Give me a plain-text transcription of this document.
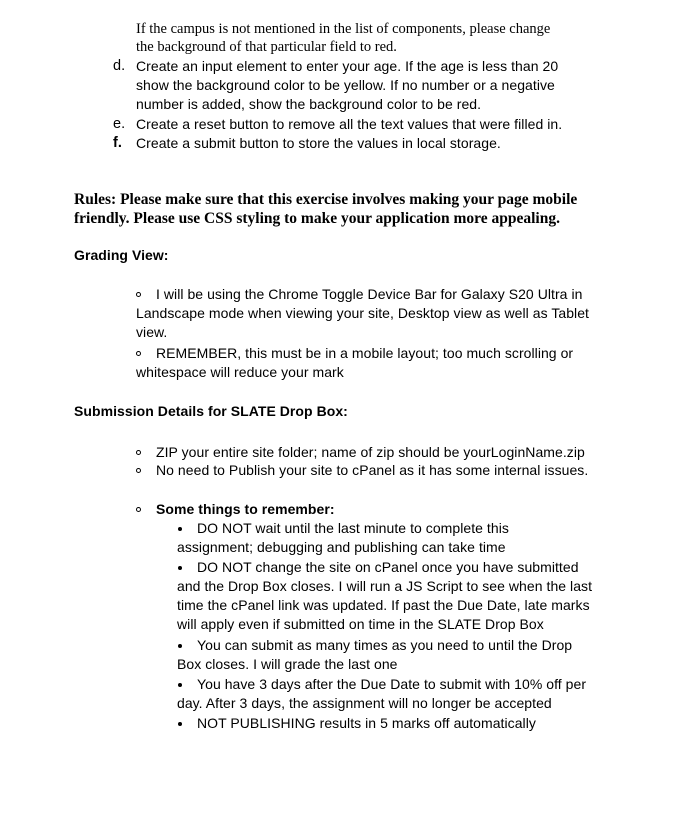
If the campus is not mentioned in the list of components, please change
the background of that particular field to red.
d. Create an input element to enter your age. If the age is less than 20
show the background color to be yellow. If no number or a negative
number is added, show the background color to be red.
e. Create a reset button to remove all the text values that were filled in.
f. Create a submit button to store the values in local storage.
Rules: Please make sure that this exercise involves making your page mobile
friendly. Please use CSS styling to make your application more appealing.
Grading View:
I will be using the Chrome Toggle Device Bar for Galaxy S20 Ultra in
Landscape mode when viewing your site, Desktop view as well as Tablet
view.
REMEMBER, this must be in a mobile layout; too much scrolling or
whitespace will reduce your mark
Submission Details for SLATE Drop Box:
ZIP your entire site folder; name of zip should be yourLoginName.zip
No need to Publish your site to cPanel as it has some internal issues.
Some things to remember:
DO NOT wait until the last minute to complete this
assignment; debugging and publishing can take time
DO NOT change the site on cPanel once you have submitted
and the Drop Box closes. I will run a JS Script to see when the last
time the cPanel link was updated. If past the Due Date, late marks
will apply even if submitted on time in the SLATE Drop Box
You can submit as many times as you need to until the Drop
Box closes. I will grade the last one
You have 3 days after the Due Date to submit with 10% off per
day. After 3 days, the assignment will no longer be accepted
NOT PUBLISHING results in 5 marks off automatically
